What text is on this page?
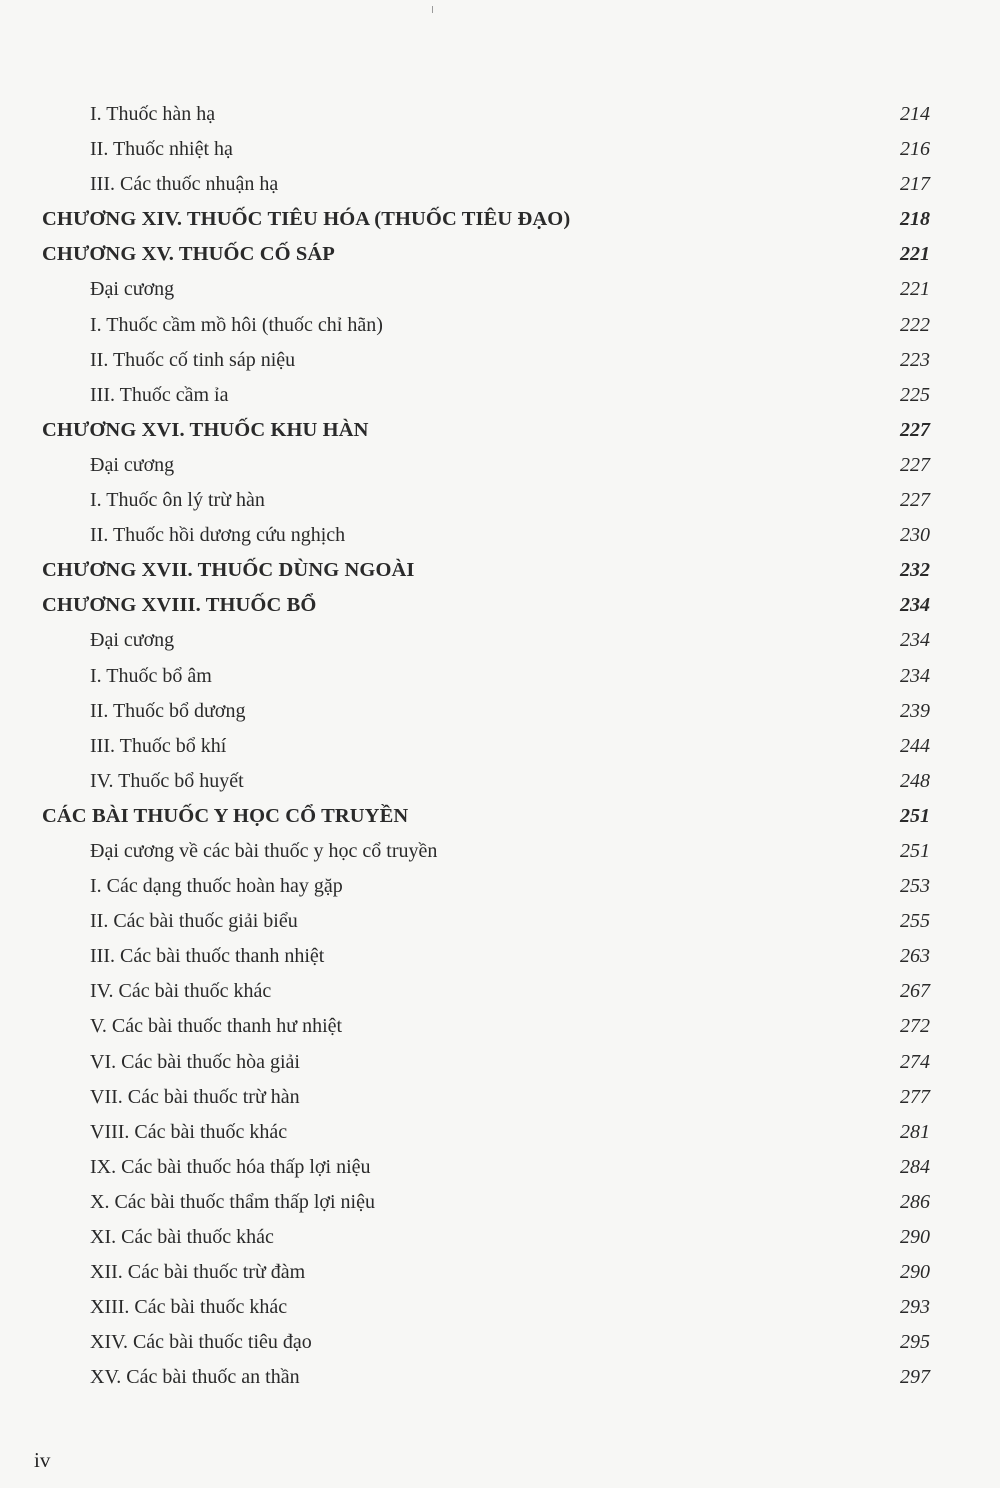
I. Thuốc hàn hạ	214
II. Thuốc nhiệt hạ	216
III. Các thuốc nhuận hạ	217
CHƯƠNG XIV. THUỐC TIÊU HÓA (THUỐC TIÊU ĐẠO)	218
CHƯƠNG XV. THUỐC CỐ SÁP	221
Đại cương	221
I. Thuốc cầm mồ hôi (thuốc chỉ hãn)	222
II. Thuốc cố tinh sáp niệu	223
III. Thuốc cầm ỉa	225
CHƯƠNG XVI. THUỐC KHU HÀN	227
Đại cương	227
I. Thuốc ôn lý trừ hàn	227
II. Thuốc hồi dương cứu nghịch	230
CHƯƠNG XVII. THUỐC DÙNG NGOÀI	232
CHƯƠNG XVIII. THUỐC BỔ	234
Đại cương	234
I. Thuốc bổ âm	234
II. Thuốc bổ dương	239
III. Thuốc bổ khí	244
IV. Thuốc bổ huyết	248
CÁC BÀI THUỐC Y HỌC CỔ TRUYỀN	251
Đại cương về các bài thuốc y học cổ truyền	251
I. Các dạng thuốc hoàn hay gặp	253
II. Các bài thuốc giải biểu	255
III. Các bài thuốc thanh nhiệt	263
IV. Các bài thuốc khác	267
V. Các bài thuốc thanh hư nhiệt	272
VI. Các bài thuốc hòa giải	274
VII. Các bài thuốc trừ hàn	277
VIII. Các bài thuốc khác	281
IX. Các bài thuốc hóa thấp lợi niệu	284
X. Các bài thuốc thẩm thấp lợi niệu	286
XI. Các bài thuốc khác	290
XII. Các bài thuốc trừ đàm	290
XIII. Các bài thuốc khác	293
XIV. Các bài thuốc tiêu đạo	295
XV. Các bài thuốc an thần	297
iv
